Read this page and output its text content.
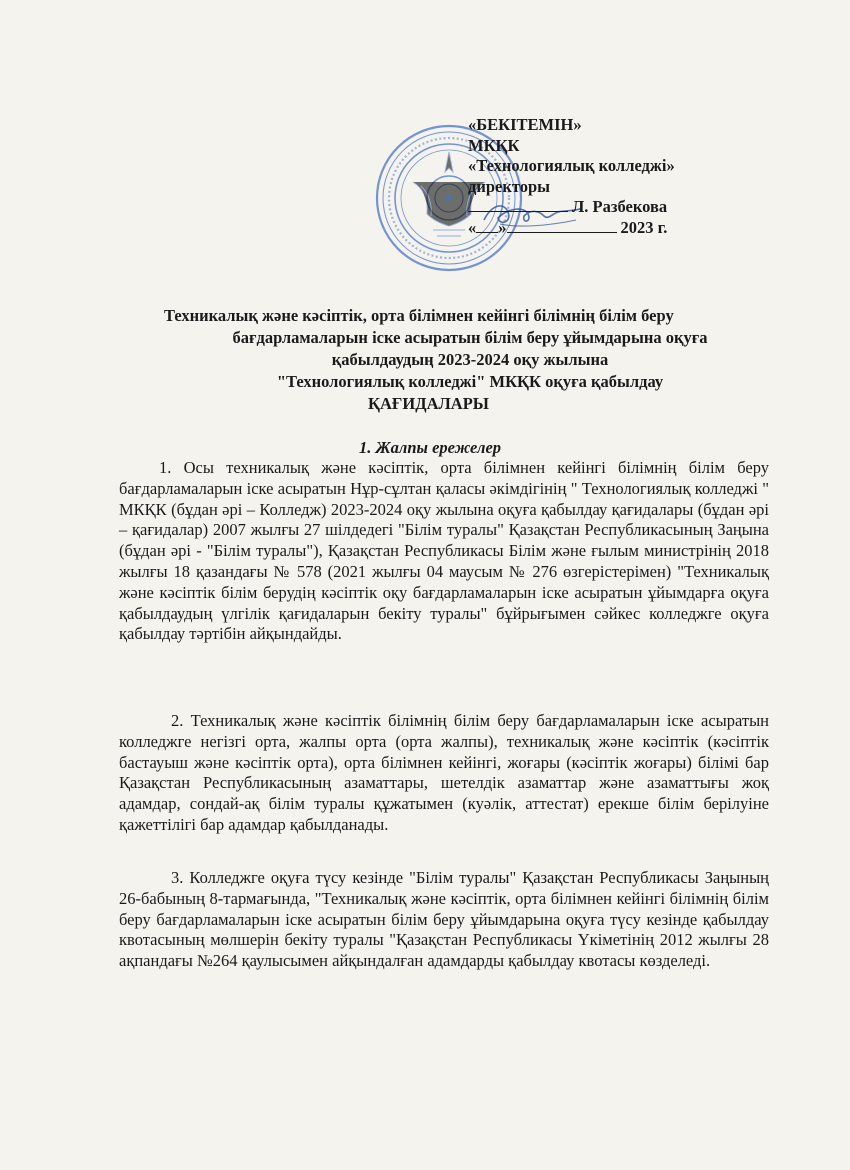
«БЕКІТЕМІН»
МКҚК
«Технологиялық колледжі»
директоры
Л. Разбекова
« »	2023 г.
Техникалық және кәсіптік, орта білімнен кейінгі білімнің білім беру
бағдарламаларын іске асыратын білім беру ұйымдарына оқуға
қабылдаудың 2023-2024 оқу жылына
"Технологиялық колледжі" МКҚК оқуға қабылдау
ҚАҒИДАЛАРЫ
1. Жалпы ережелер

1. Осы техникалық және кәсіптік, орта білімнен кейінгі білімнің білім беру бағдарламаларын іске асыратын Нұр-сұлтан қаласы әкімдігінің " Технологиялық колледжі " МКҚК (бұдан әрі – Колледж) 2023-2024 оқу жылына оқуға қабылдау қағидалары (бұдан әрі – қағидалар) 2007 жылғы 27 шілдедегі "Білім туралы" Қазақстан Республикасының Заңына (бұдан әрі - "Білім туралы"), Қазақстан Республикасы Білім және ғылым министрінің 2018 жылғы 18 қазандағы № 578 (2021 жылғы 04 маусым № 276 өзгерістерімен) "Техникалық және кәсіптік білім берудің кәсіптік оқу бағдарламаларын іске асыратын ұйымдарға оқуға қабылдаудың үлгілік қағидаларын бекіту туралы" бұйрығымен сәйкес колледжге оқуға қабылдау тәртібін айқындайды.

2. Техникалық және кәсіптік білімнің білім беру бағдарламаларын іске асыратын колледжге негізгі орта, жалпы орта (орта жалпы), техникалық және кәсіптік (кәсіптік бастауыш және кәсіптік орта), орта білімнен кейінгі, жоғары (кәсіптік жоғары) білімі бар Қазақстан Республикасының азаматтары, шетелдік азаматтар және азаматтығы жоқ адамдар, сондай-ақ білім туралы құжатымен (куәлік, аттестат) ерекше білім берілуіне қажеттілігі бар адамдар қабылданады.

3. Колледжге оқуға түсу кезінде "Білім туралы" Қазақстан Республикасы Заңының 26-бабының 8-тармағында, "Техникалық және кәсіптік, орта білімнен кейінгі білімнің білім беру бағдарламаларын іске асыратын білім беру ұйымдарына оқуға түсу кезінде қабылдау квотасының мөлшерін бекіту туралы "Қазақстан Республикасы Үкіметінің 2012 жылғы 28 ақпандағы №264 қаулысымен айқындалған адамдарды қабылдау квотасы көзделеді.
